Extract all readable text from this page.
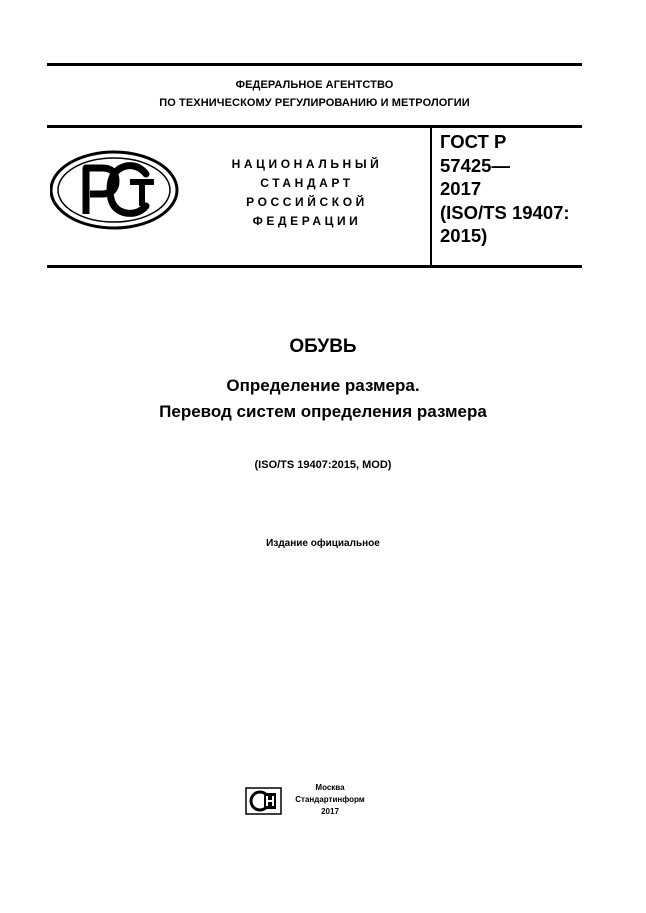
ФЕДЕРАЛЬНОЕ АГЕНТСТВО
ПО ТЕХНИЧЕСКОМУ РЕГУЛИРОВАНИЮ И МЕТРОЛОГИИ
НАЦИОНАЛЬНЫЙ
СТАНДАРТ
РОССИЙСКОЙ
ФЕДЕРАЦИИ
ГОСТ Р
57425—
2017
(ISO/TS 19407:
2015)
ОБУВЬ
Определение размера.
Перевод систем определения размера
(ISO/TS 19407:2015, MOD)
Издание официальное
Москва
Стандартинформ
2017
